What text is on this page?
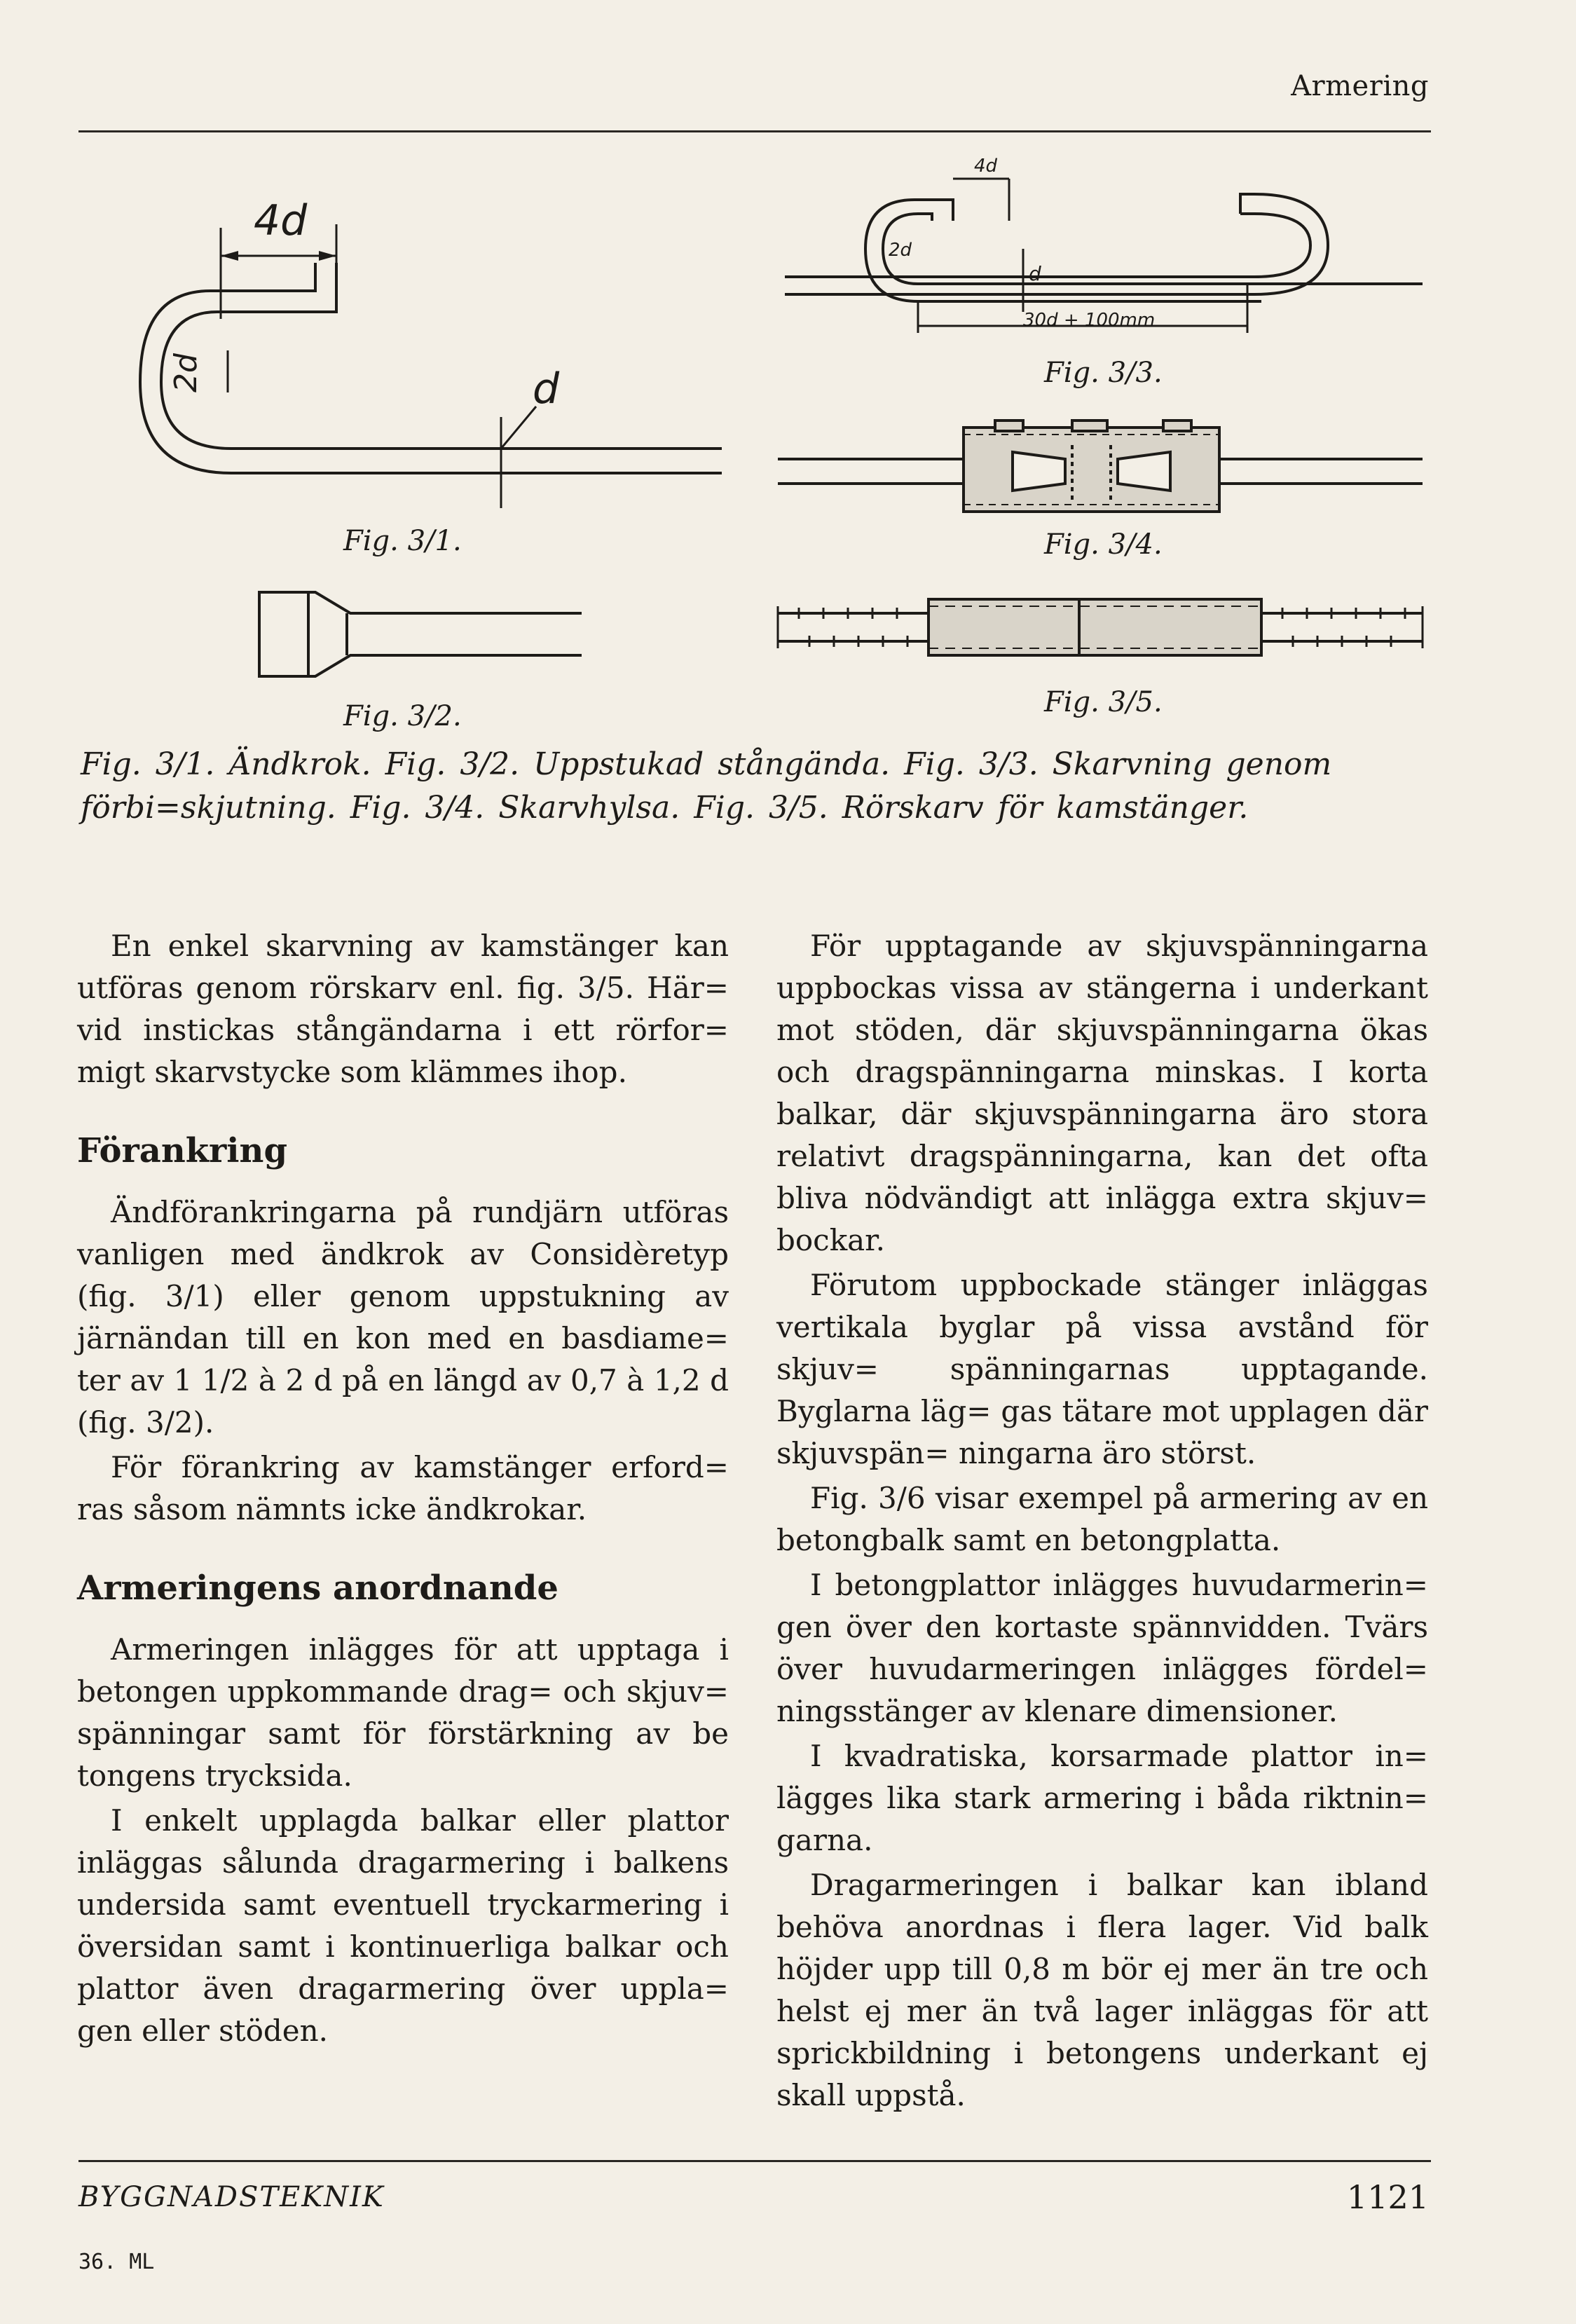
Armering
4d
2d	d
Fig. 3/1.
Fig. 3/2.
4d
2d
d
30d + 100mm
Fig. 3/3.
Fig. 3/4.
Fig. 3/5.
Fig. 3/1. Ändkrok. Fig. 3/2. Uppstukad stångända. Fig. 3/3. Skarvning genom förbi=skjutning. Fig. 3/4. Skarvhylsa. Fig. 3/5. Rörskarv för kamstänger.

En enkel skarvning av kamstänger kan utföras genom rörskarv enl. fig. 3/5. Här= vid instickas stångändarna i ett rörfor= migt skarvstycke som klämmes ihop.

Förankring

Ändförankringarna på rundjärn utföras vanligen med ändkrok av Considèretyp (fig. 3/1) eller genom uppstukning av järnändan till en kon med en basdiame= ter av 1 1/2 à 2 d på en längd av 0,7 à 1,2 d (fig. 3/2).

För förankring av kamstänger erford= ras såsom nämnts icke ändkrokar.

Armeringens anordnande

Armeringen inlägges för att upptaga i betongen uppkommande drag= och skjuv= spänningar samt för förstärkning av be tongens trycksida.

I enkelt upplagda balkar eller plattor inläggas sålunda dragarmering i balkens undersida samt eventuell tryckarmering i översidan samt i kontinuerliga balkar och plattor även dragarmering över uppla= gen eller stöden.

För upptagande av skjuvspänningarna uppbockas vissa av stängerna i underkant mot stöden, där skjuvspänningarna ökas och dragspänningarna minskas. I korta balkar, där skjuvspänningarna äro stora relativt dragspänningarna, kan det ofta bliva nödvändigt att inlägga extra skjuv= bockar.

Förutom uppbockade stänger inläggas vertikala byglar på vissa avstånd för skjuv= spänningarnas upptagande. Byglarna läg= gas tätare mot upplagen där skjuvspän= ningarna äro störst.

Fig. 3/6 visar exempel på armering av en betongbalk samt en betongplatta.

I betongplattor inlägges huvudarmerin= gen över den kortaste spännvidden. Tvärs över huvudarmeringen inlägges fördel= ningsstänger av klenare dimensioner.

I kvadratiska, korsarmade plattor in= lägges lika stark armering i båda riktnin= garna.

Dragarmeringen i balkar kan ibland behöva anordnas i flera lager. Vid balk höjder upp till 0,8 m bör ej mer än tre och helst ej mer än två lager inläggas för att sprickbildning i betongens underkant ej skall uppstå.

BYGGNADSTEKNIK	1121
36. ML
